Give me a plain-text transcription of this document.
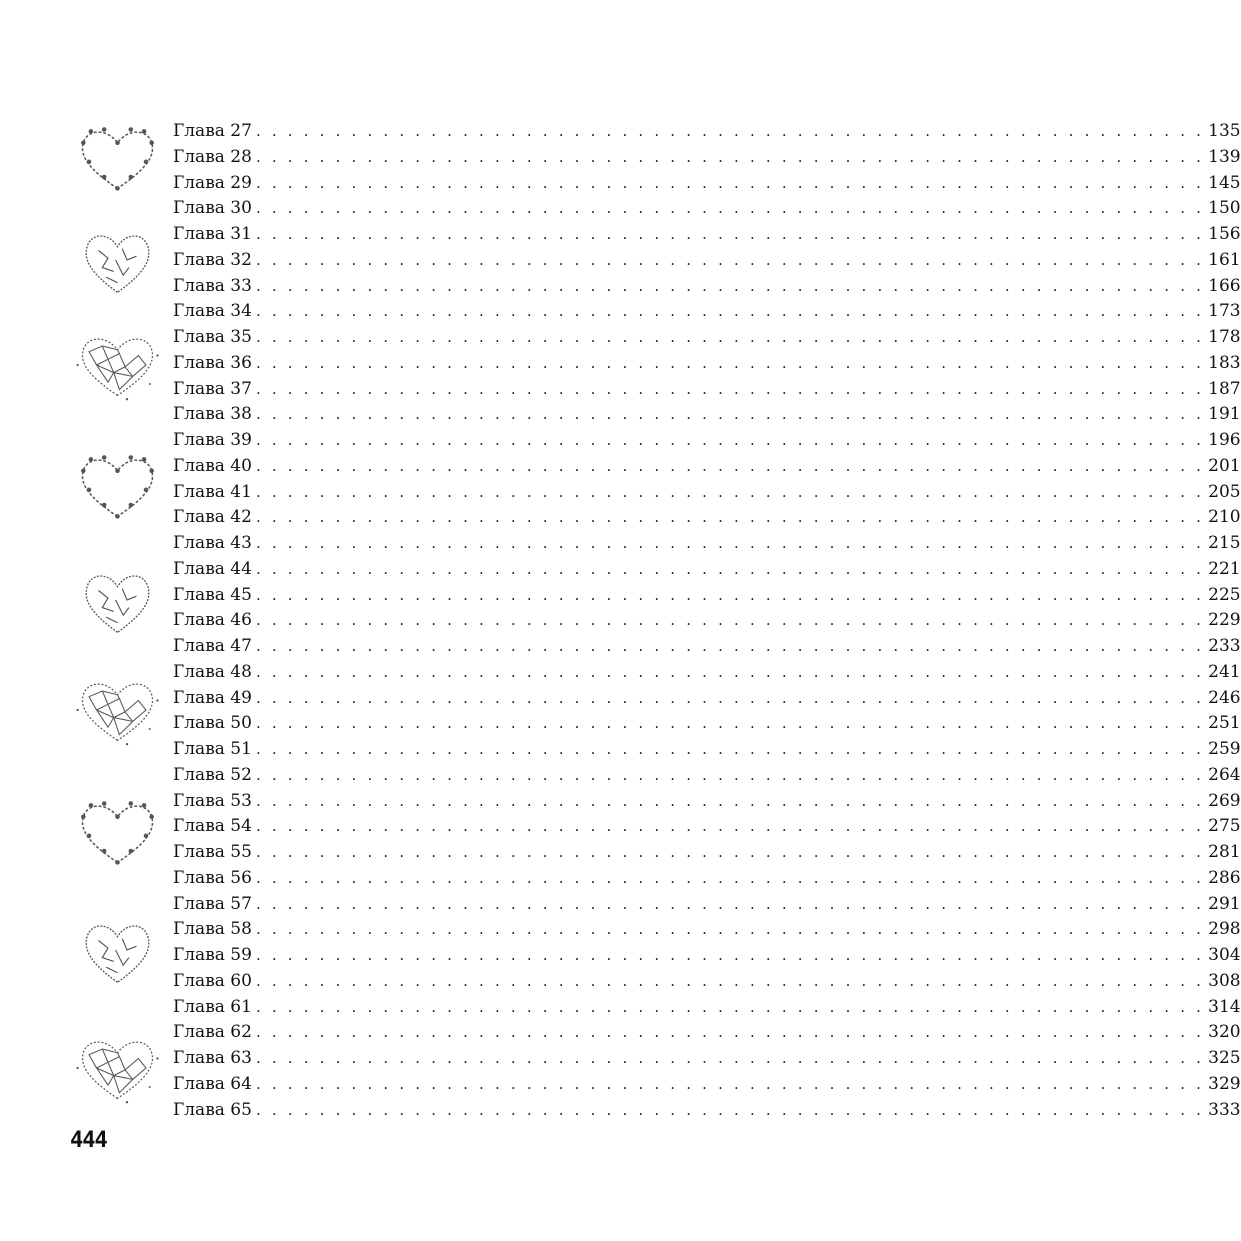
Глава 27 . . . . . . . . . . . . . . . . . . . . . . . . . . . . . . . . . . . . . . . . . . . . . . . . . . . . . . . . . . . . 135
Глава 28 . . . . . . . . . . . . . . . . . . . . . . . . . . . . . . . . . . . . . . . . . . . . . . . . . . . . . . . . . . . . 139
Глава 29 . . . . . . . . . . . . . . . . . . . . . . . . . . . . . . . . . . . . . . . . . . . . . . . . . . . . . . . . . . . . 145
Глава 30 . . . . . . . . . . . . . . . . . . . . . . . . . . . . . . . . . . . . . . . . . . . . . . . . . . . . . . . . . . . . 150
Глава 31 . . . . . . . . . . . . . . . . . . . . . . . . . . . . . . . . . . . . . . . . . . . . . . . . . . . . . . . . . . . . 156
Глава 32 . . . . . . . . . . . . . . . . . . . . . . . . . . . . . . . . . . . . . . . . . . . . . . . . . . . . . . . . . . . . 161
Глава 33 . . . . . . . . . . . . . . . . . . . . . . . . . . . . . . . . . . . . . . . . . . . . . . . . . . . . . . . . . . . . 166
Глава 34 . . . . . . . . . . . . . . . . . . . . . . . . . . . . . . . . . . . . . . . . . . . . . . . . . . . . . . . . . . . . 173
Глава 35 . . . . . . . . . . . . . . . . . . . . . . . . . . . . . . . . . . . . . . . . . . . . . . . . . . . . . . . . . . . . 178
Глава 36 . . . . . . . . . . . . . . . . . . . . . . . . . . . . . . . . . . . . . . . . . . . . . . . . . . . . . . . . . . . . 183
Глава 37 . . . . . . . . . . . . . . . . . . . . . . . . . . . . . . . . . . . . . . . . . . . . . . . . . . . . . . . . . . . . 187
Глава 38 . . . . . . . . . . . . . . . . . . . . . . . . . . . . . . . . . . . . . . . . . . . . . . . . . . . . . . . . . . . . 191
Глава 39 . . . . . . . . . . . . . . . . . . . . . . . . . . . . . . . . . . . . . . . . . . . . . . . . . . . . . . . . . . . . 196
Глава 40 . . . . . . . . . . . . . . . . . . . . . . . . . . . . . . . . . . . . . . . . . . . . . . . . . . . . . . . . . . . . 201
Глава 41 . . . . . . . . . . . . . . . . . . . . . . . . . . . . . . . . . . . . . . . . . . . . . . . . . . . . . . . . . . . . 205
Глава 42 . . . . . . . . . . . . . . . . . . . . . . . . . . . . . . . . . . . . . . . . . . . . . . . . . . . . . . . . . . . . 210
Глава 43 . . . . . . . . . . . . . . . . . . . . . . . . . . . . . . . . . . . . . . . . . . . . . . . . . . . . . . . . . . . . 215
Глава 44 . . . . . . . . . . . . . . . . . . . . . . . . . . . . . . . . . . . . . . . . . . . . . . . . . . . . . . . . . . . . 221
Глава 45 . . . . . . . . . . . . . . . . . . . . . . . . . . . . . . . . . . . . . . . . . . . . . . . . . . . . . . . . . . . . 225
Глава 46 . . . . . . . . . . . . . . . . . . . . . . . . . . . . . . . . . . . . . . . . . . . . . . . . . . . . . . . . . . . . 229
Глава 47 . . . . . . . . . . . . . . . . . . . . . . . . . . . . . . . . . . . . . . . . . . . . . . . . . . . . . . . . . . . . 233
Глава 48 . . . . . . . . . . . . . . . . . . . . . . . . . . . . . . . . . . . . . . . . . . . . . . . . . . . . . . . . . . . . 241
Глава 49 . . . . . . . . . . . . . . . . . . . . . . . . . . . . . . . . . . . . . . . . . . . . . . . . . . . . . . . . . . . . 246
Глава 50 . . . . . . . . . . . . . . . . . . . . . . . . . . . . . . . . . . . . . . . . . . . . . . . . . . . . . . . . . . . . 251
Глава 51 . . . . . . . . . . . . . . . . . . . . . . . . . . . . . . . . . . . . . . . . . . . . . . . . . . . . . . . . . . . . 259
Глава 52 . . . . . . . . . . . . . . . . . . . . . . . . . . . . . . . . . . . . . . . . . . . . . . . . . . . . . . . . . . . . 264
Глава 53 . . . . . . . . . . . . . . . . . . . . . . . . . . . . . . . . . . . . . . . . . . . . . . . . . . . . . . . . . . . . 269
Глава 54 . . . . . . . . . . . . . . . . . . . . . . . . . . . . . . . . . . . . . . . . . . . . . . . . . . . . . . . . . . . . 275
Глава 55 . . . . . . . . . . . . . . . . . . . . . . . . . . . . . . . . . . . . . . . . . . . . . . . . . . . . . . . . . . . . 281
Глава 56 . . . . . . . . . . . . . . . . . . . . . . . . . . . . . . . . . . . . . . . . . . . . . . . . . . . . . . . . . . . . 286
Глава 57 . . . . . . . . . . . . . . . . . . . . . . . . . . . . . . . . . . . . . . . . . . . . . . . . . . . . . . . . . . . . 291
Глава 58 . . . . . . . . . . . . . . . . . . . . . . . . . . . . . . . . . . . . . . . . . . . . . . . . . . . . . . . . . . . . 298
Глава 59 . . . . . . . . . . . . . . . . . . . . . . . . . . . . . . . . . . . . . . . . . . . . . . . . . . . . . . . . . . . . 304
Глава 60 . . . . . . . . . . . . . . . . . . . . . . . . . . . . . . . . . . . . . . . . . . . . . . . . . . . . . . . . . . . . 308
Глава 61 . . . . . . . . . . . . . . . . . . . . . . . . . . . . . . . . . . . . . . . . . . . . . . . . . . . . . . . . . . . . 314
Глава 62 . . . . . . . . . . . . . . . . . . . . . . . . . . . . . . . . . . . . . . . . . . . . . . . . . . . . . . . . . . . . 320
Глава 63 . . . . . . . . . . . . . . . . . . . . . . . . . . . . . . . . . . . . . . . . . . . . . . . . . . . . . . . . . . . . 325
Глава 64 . . . . . . . . . . . . . . . . . . . . . . . . . . . . . . . . . . . . . . . . . . . . . . . . . . . . . . . . . . . . 329
Глава 65 . . . . . . . . . . . . . . . . . . . . . . . . . . . . . . . . . . . . . . . . . . . . . . . . . . . . . . . . . . . . 333
444
